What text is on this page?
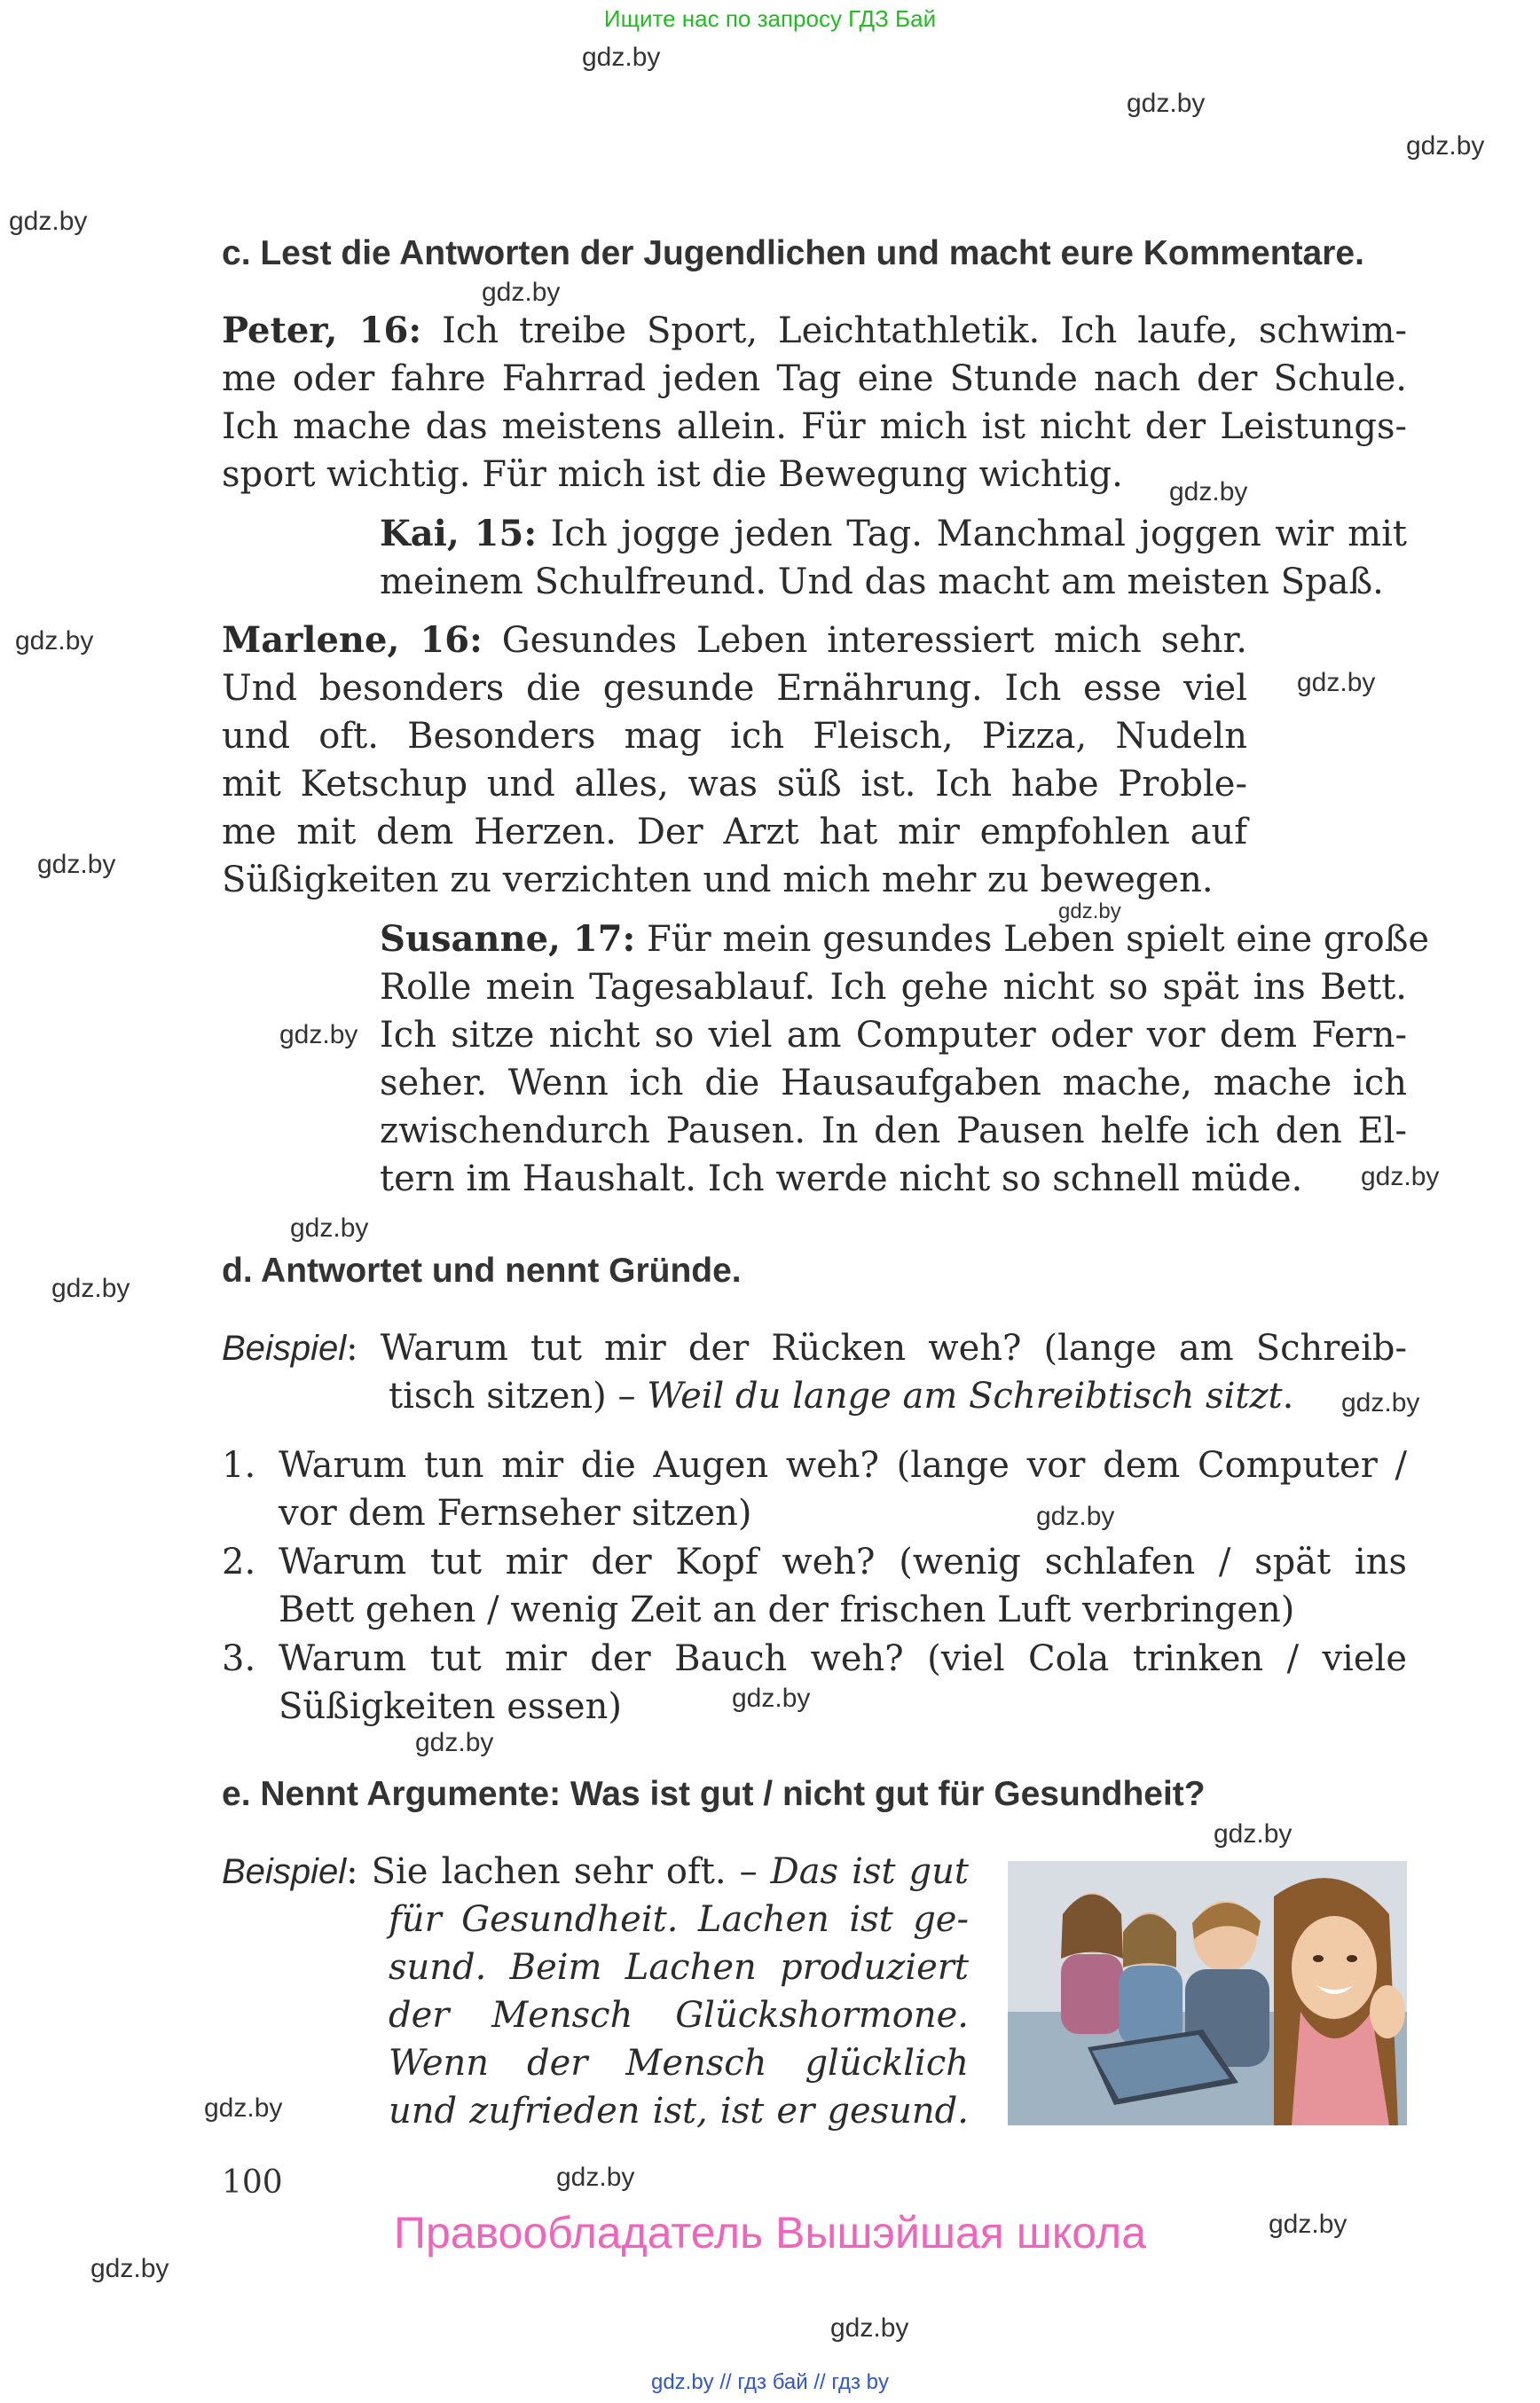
Ищите нас по запросу ГДЗ Бай
gdz.by
gdz.by
gdz.by
gdz.by
gdz.by
gdz.by
gdz.by
gdz.by
gdz.by
gdz.by
gdz.by
gdz.by
gdz.by
gdz.by
gdz.by
gdz.by
gdz.by
gdz.by
gdz.by
gdz.by
gdz.by
gdz.by
gdz.by
gdz.by
c. Lest die Antworten der Jugendlichen und macht eure Kommentare.
Peter, 16: Ich treibe Sport, Leichtathletik. Ich laufe, schwim-
me oder fahre Fahrrad jeden Tag eine Stunde nach der Schule.
Ich mache das meistens allein. Für mich ist nicht der Leistungs-
sport wichtig. Für mich ist die Bewegung wichtig.
Kai, 15: Ich jogge jeden Tag. Manchmal joggen wir mit
meinem Schulfreund. Und das macht am meisten Spaß.
Marlene, 16: Gesundes Leben interessiert mich sehr.
Und besonders die gesunde Ernährung. Ich esse viel
und oft. Besonders mag ich Fleisch, Pizza, Nudeln
mit Ketschup und alles, was süß ist. Ich habe Proble-
me mit dem Herzen. Der Arzt hat mir empfohlen auf
Süßigkeiten zu verzichten und mich mehr zu bewegen.
Susanne, 17: Für mein gesundes Leben spielt eine große
Rolle mein Tagesablauf. Ich gehe nicht so spät ins Bett.
Ich sitze nicht so viel am Computer oder vor dem Fern-
seher. Wenn ich die Hausaufgaben mache, mache ich
zwischendurch Pausen. In den Pausen helfe ich den El-
tern im Haushalt. Ich werde nicht so schnell müde.
d. Antwortet und nennt Gründe.
Beispiel: Warum tut mir der Rücken weh? (lange am Schreib-
tisch sitzen) – Weil du lange am Schreibtisch sitzt.
1. Warum tun mir die Augen weh? (lange vor dem Computer /
vor dem Fernseher sitzen)
2. Warum tut mir der Kopf weh? (wenig schlafen / spät ins
Bett gehen / wenig Zeit an der frischen Luft verbringen)
3. Warum tut mir der Bauch weh? (viel Cola trinken / viele
Süßigkeiten essen)
e. Nennt Argumente: Was ist gut / nicht gut für Gesundheit?
Beispiel: Sie lachen sehr oft. – Das ist gut
für Gesundheit. Lachen ist ge-
sund. Beim Lachen produziert
der Mensch Glückshormone.
Wenn der Mensch glücklich
und zufrieden ist, ist er gesund.
100
Правообладатель Вышэйшая школа
gdz.by // гдз бай // гдз by
